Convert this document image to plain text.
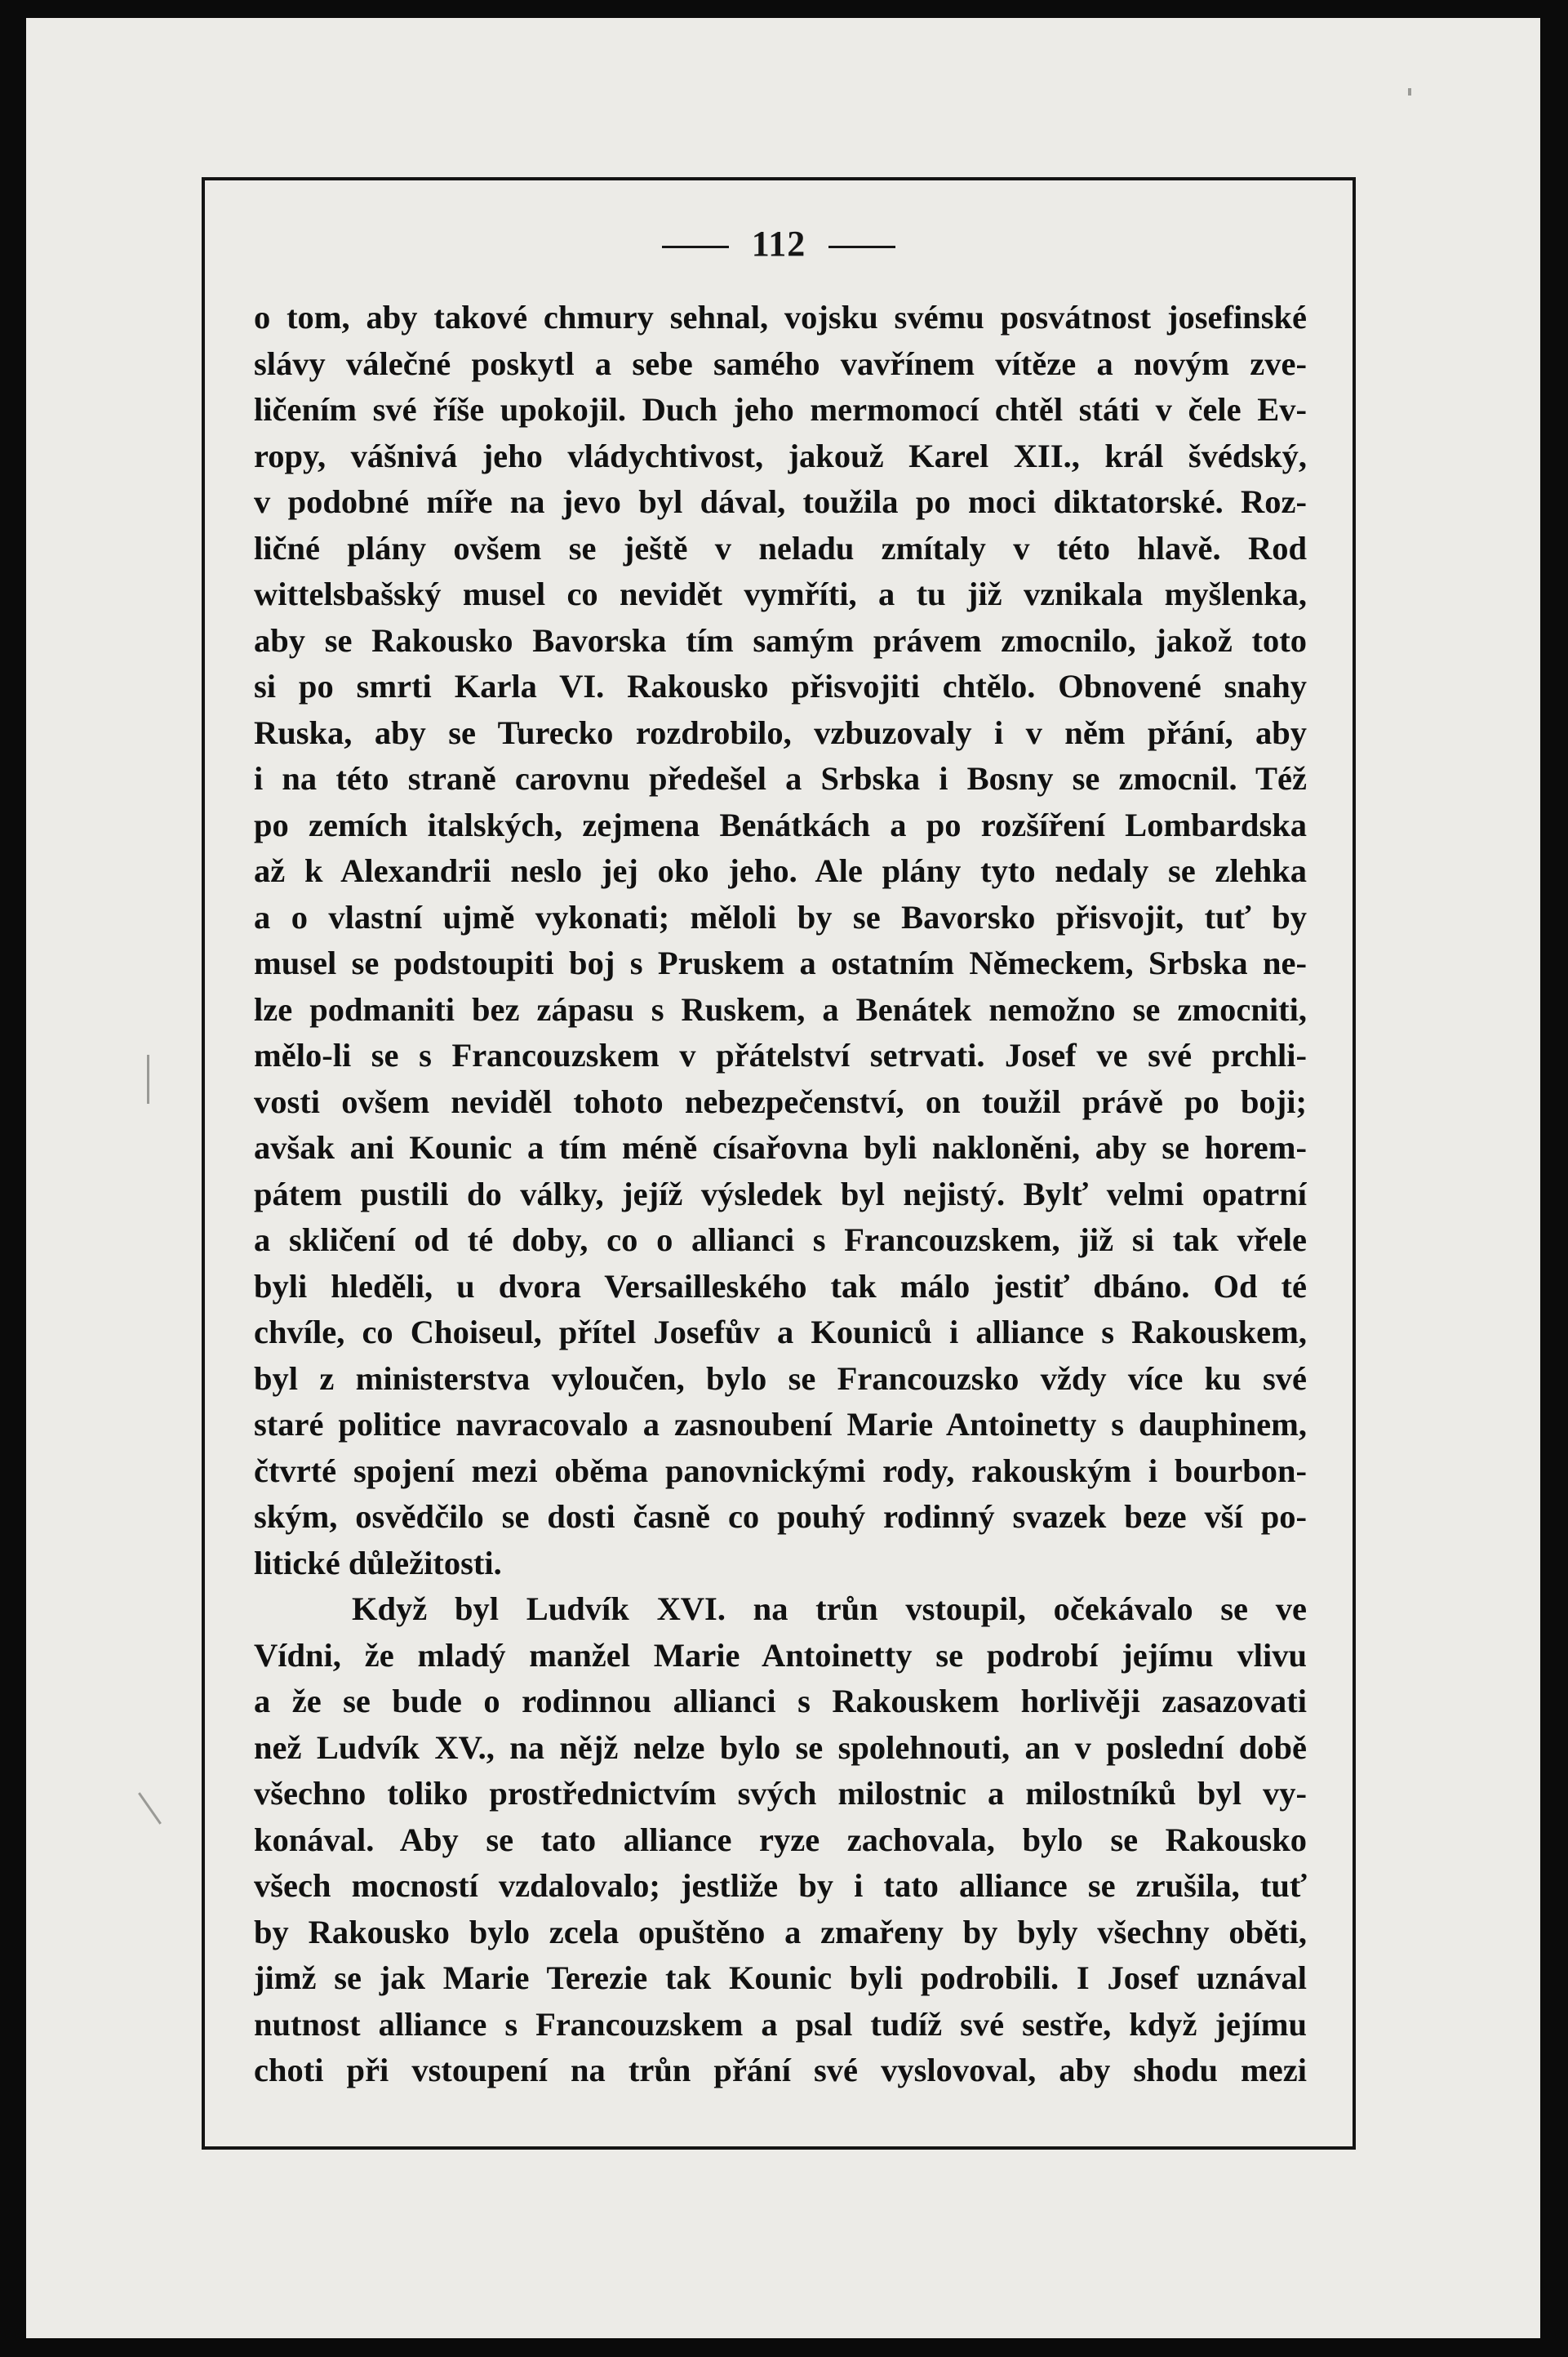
112
o tom, aby takové chmury sehnal, vojsku svému posvátnost josefinské
slávy válečné poskytl a sebe samého vavřínem vítěze a novým zve-
ličením své říše upokojil. Duch jeho mermomocí chtěl státi v čele Ev-
ropy, vášnivá jeho vládychtivost, jakouž Karel XII., král švédský,
v podobné míře na jevo byl dával, toužila po moci diktatorské. Roz-
ličné plány ovšem se ještě v neladu zmítaly v této hlavě. Rod
wittelsbašský musel co nevidět vymříti, a tu již vznikala myšlenka,
aby se Rakousko Bavorska tím samým právem zmocnilo, jakož toto
si po smrti Karla VI. Rakousko přisvojiti chtělo. Obnovené snahy
Ruska, aby se Turecko rozdrobilo, vzbuzovaly i v něm přání, aby
i na této straně carovnu předešel a Srbska i Bosny se zmocnil. Též
po zemích italských, zejmena Benátkách a po rozšíření Lombardska
až k Alexandrii neslo jej oko jeho. Ale plány tyto nedaly se zlehka
a o vlastní ujmě vykonati; měloli by se Bavorsko přisvojit, tuť by
musel se podstoupiti boj s Pruskem a ostatním Německem, Srbska ne-
lze podmaniti bez zápasu s Ruskem, a Benátek nemožno se zmocniti,
mělo-li se s Francouzskem v přátelství setrvati. Josef ve své prchli-
vosti ovšem neviděl tohoto nebezpečenství, on toužil právě po boji;
avšak ani Kounic a tím méně císařovna byli nakloněni, aby se horem-
pátem pustili do války, jejíž výsledek byl nejistý. Bylť velmi opatrní
a skličení od té doby, co o allianci s Francouzskem, již si tak vřele
byli hleděli, u dvora Versailleského tak málo jestiť dbáno. Od té
chvíle, co Choiseul, přítel Josefův a Kouniců i alliance s Rakouskem,
byl z ministerstva vyloučen, bylo se Francouzsko vždy více ku své
staré politice navracovalo a zasnoubení Marie Antoinetty s dauphinem,
čtvrté spojení mezi oběma panovnickými rody, rakouským i bourbon-
ským, osvědčilo se dosti časně co pouhý rodinný svazek beze vší po-
litické důležitosti.
Když byl Ludvík XVI. na trůn vstoupil, očekávalo se ve
Vídni, že mladý manžel Marie Antoinetty se podrobí jejímu vlivu
a že se bude o rodinnou allianci s Rakouskem horlivěji zasazovati
než Ludvík XV., na nějž nelze bylo se spolehnouti, an v poslední době
všechno toliko prostřednictvím svých milostnic a milostníků byl vy-
konával. Aby se tato alliance ryze zachovala, bylo se Rakousko
všech mocností vzdalovalo; jestliže by i tato alliance se zrušila, tuť
by Rakousko bylo zcela opuštěno a zmařeny by byly všechny oběti,
jimž se jak Marie Terezie tak Kounic byli podrobili. I Josef uznával
nutnost alliance s Francouzskem a psal tudíž své sestře, když jejímu
choti při vstoupení na trůn přání své vyslovoval, aby shodu mezi
